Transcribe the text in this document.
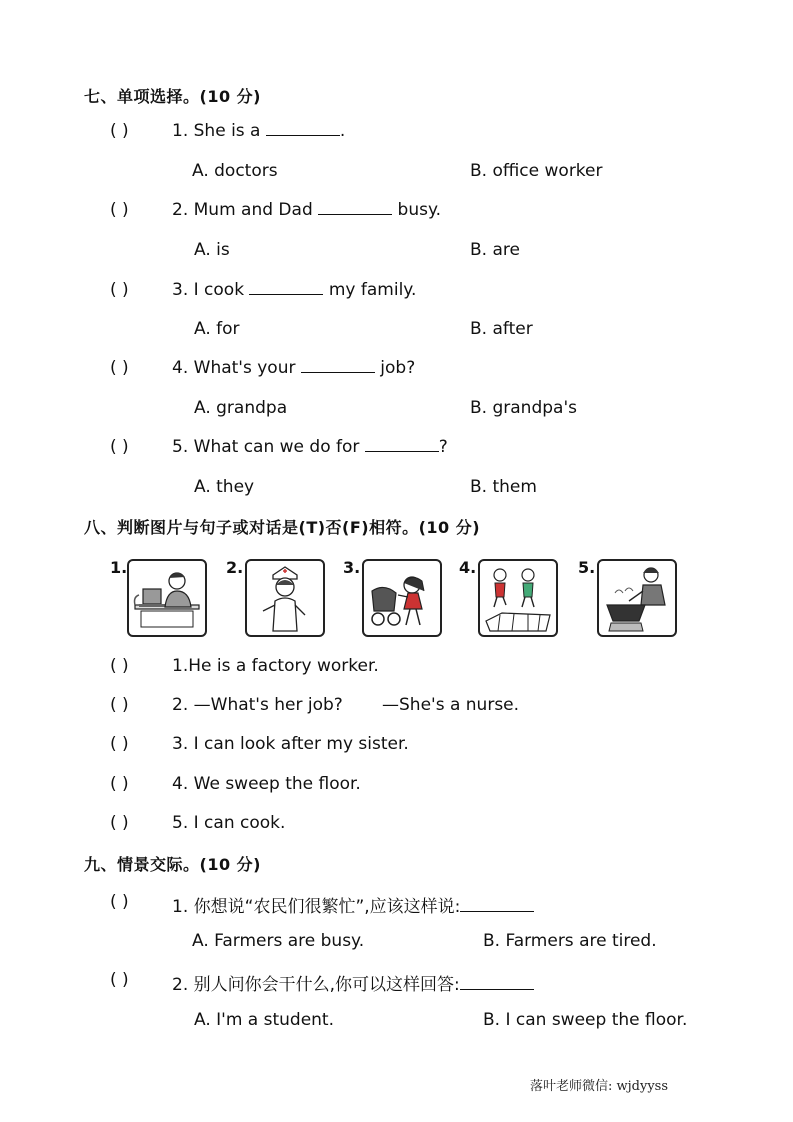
七、单项选择。(10 分)
( )	1. She is a	.
A. doctors	B. office worker
( )	2. Mum and Dad	busy.
A. is	B. are
( )	3. I cook	my family.
A. for	B. after
( )	4. What's your	job?
A. grandpa	B. grandpa's
( )	5. What can we do for	?
A. they	B. them
八、判断图片与句子或对话是(T)否(F)相符。(10 分)
1.	2.	3.	4.	5.
( )	1.He is a factory worker.
( )	2. —What's her job? —She's a nurse.
( )	3. I can look after my sister.
( )	4. We sweep the floor.
( )	5. I can cook.
九、情景交际。(10 分)
( )	1. 你想说“农民们很繁忙”,应该这样说:
A. Farmers are busy.	B. Farmers are tired.
( )	2. 别人问你会干什么,你可以这样回答:
A. I'm a student.	B. I can sweep the floor.
落叶老师微信: wjdyyss
